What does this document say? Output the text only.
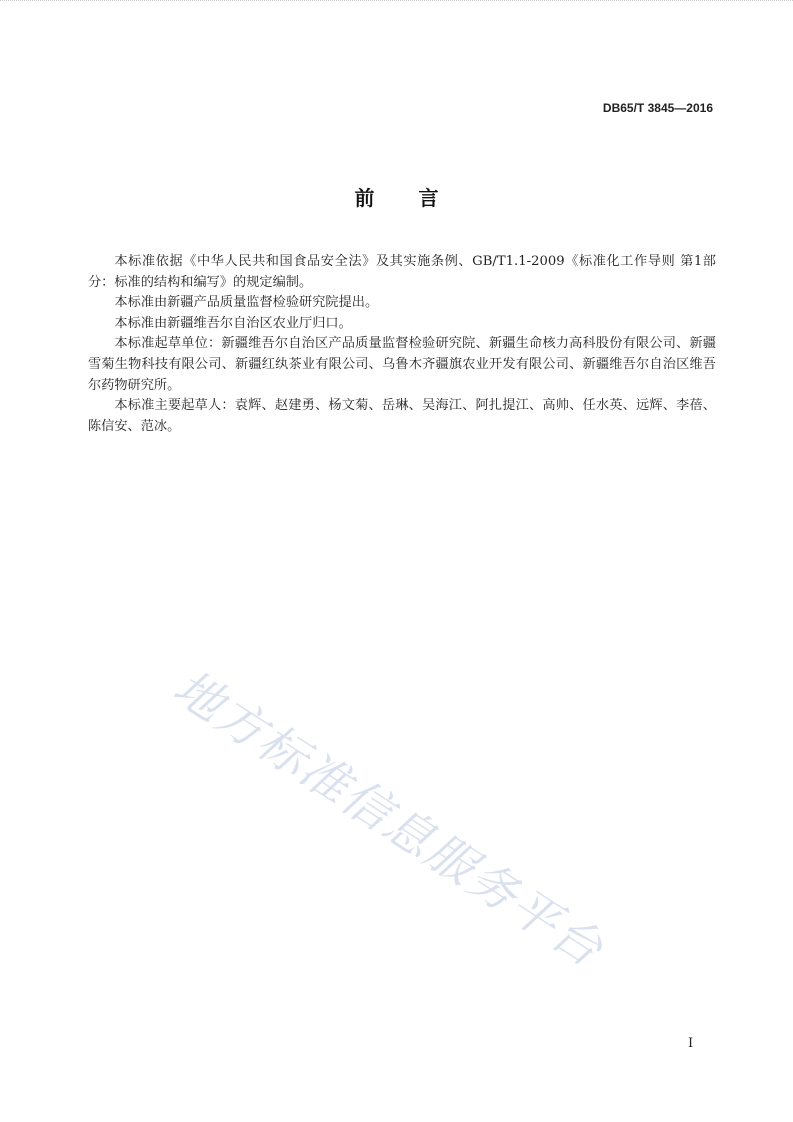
DB65/T 3845—2016
前言

本标准依据《中华人民共和国食品安全法》及其实施条例、GB/T1.1-2009《标准化工作导则 第1部分：标准的结构和编写》的规定编制。

本标准由新疆产品质量监督检验研究院提出。

本标准由新疆维吾尔自治区农业厅归口。

本标准起草单位：新疆维吾尔自治区产品质量监督检验研究院、新疆生命核力高科股份有限公司、新疆雪菊生物科技有限公司、新疆红纨茶业有限公司、乌鲁木齐疆旗农业开发有限公司、新疆维吾尔自治区维吾尔药物研究所。

本标准主要起草人：袁辉、赵建勇、杨文菊、岳琳、吴海江、阿扎提江、高帅、任水英、远辉、李蓓、陈信安、范冰。

地方标准信息服务平台
I
